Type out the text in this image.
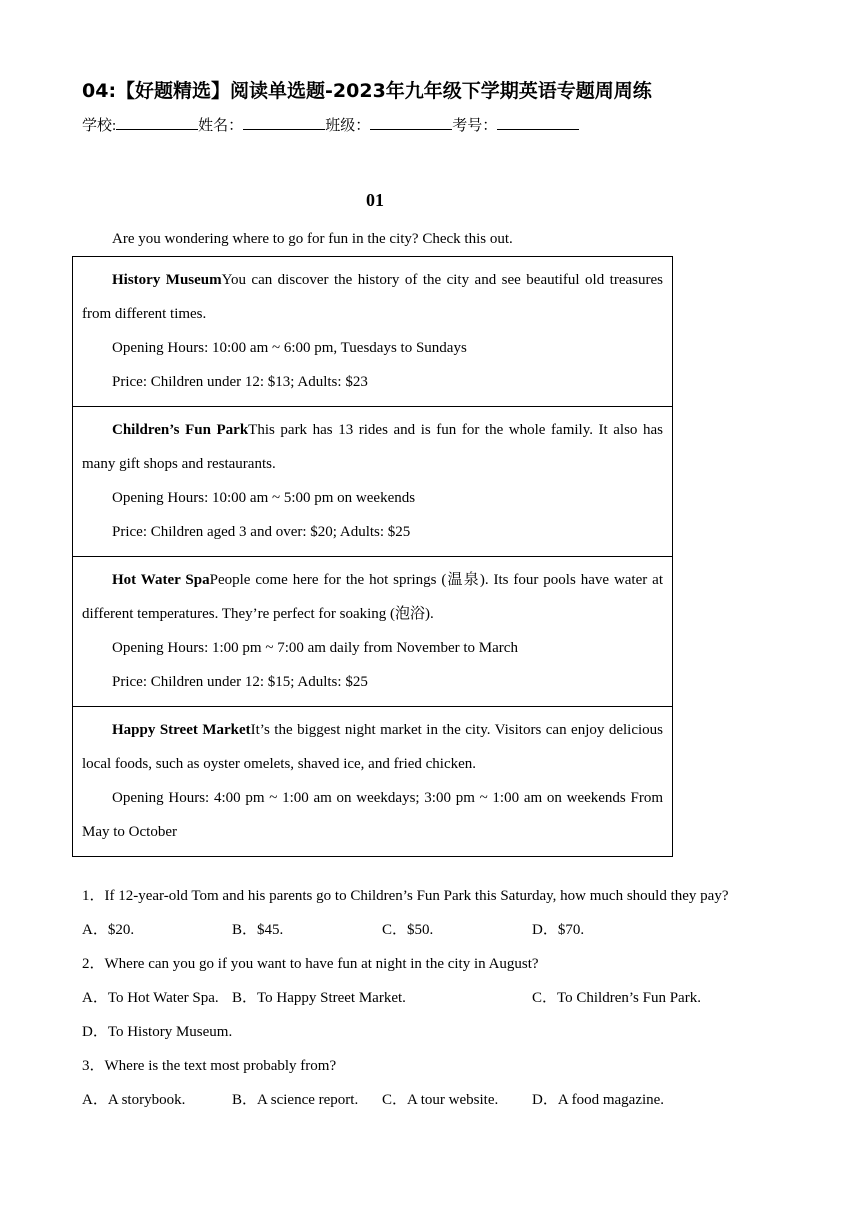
04:【好题精选】阅读单选题-2023年九年级下学期英语专题周周练
学校:	姓名：	班级：	考号：
01
Are you wondering where to go for fun in the city? Check this out.

History MuseumYou can discover the history of the city and see beautiful old treasures from different times.

Opening Hours: 10:00 am ~ 6:00 pm, Tuesdays to Sundays

Price: Children under 12: $13; Adults: $23

Children’s Fun ParkThis park has 13 rides and is fun for the whole family. It also has many gift shops and restaurants.

Opening Hours: 10:00 am ~ 5:00 pm on weekends

Price: Children aged 3 and over: $20; Adults: $25

Hot Water SpaPeople come here for the hot springs (温泉). Its four pools have water at different temperatures. They’re perfect for soaking (泡浴).

Opening Hours: 1:00 pm ~ 7:00 am daily from November to March

Price: Children under 12: $15; Adults: $25

Happy Street MarketIt’s the biggest night market in the city. Visitors can enjoy delicious local foods, such as oyster omelets, shaved ice, and fried chicken.

Opening Hours: 4:00 pm ~ 1:00 am on weekdays; 3:00 pm ~ 1:00 am on weekends From May to October

1．If 12-year-old Tom and his parents go to Children’s Fun Park this Saturday, how much should they pay?
A．$20.	B．$45.	C．$50.	D．$70.
2．Where can you go if you want to have fun at night in the city in August?
A．To Hot Water Spa. B．To Happy Street Market.	C．To Children’s Fun Park.
D．To History Museum.
3．Where is the text most probably from?
A．A storybook.	B．A science report. C．A tour website. D．A food magazine.
